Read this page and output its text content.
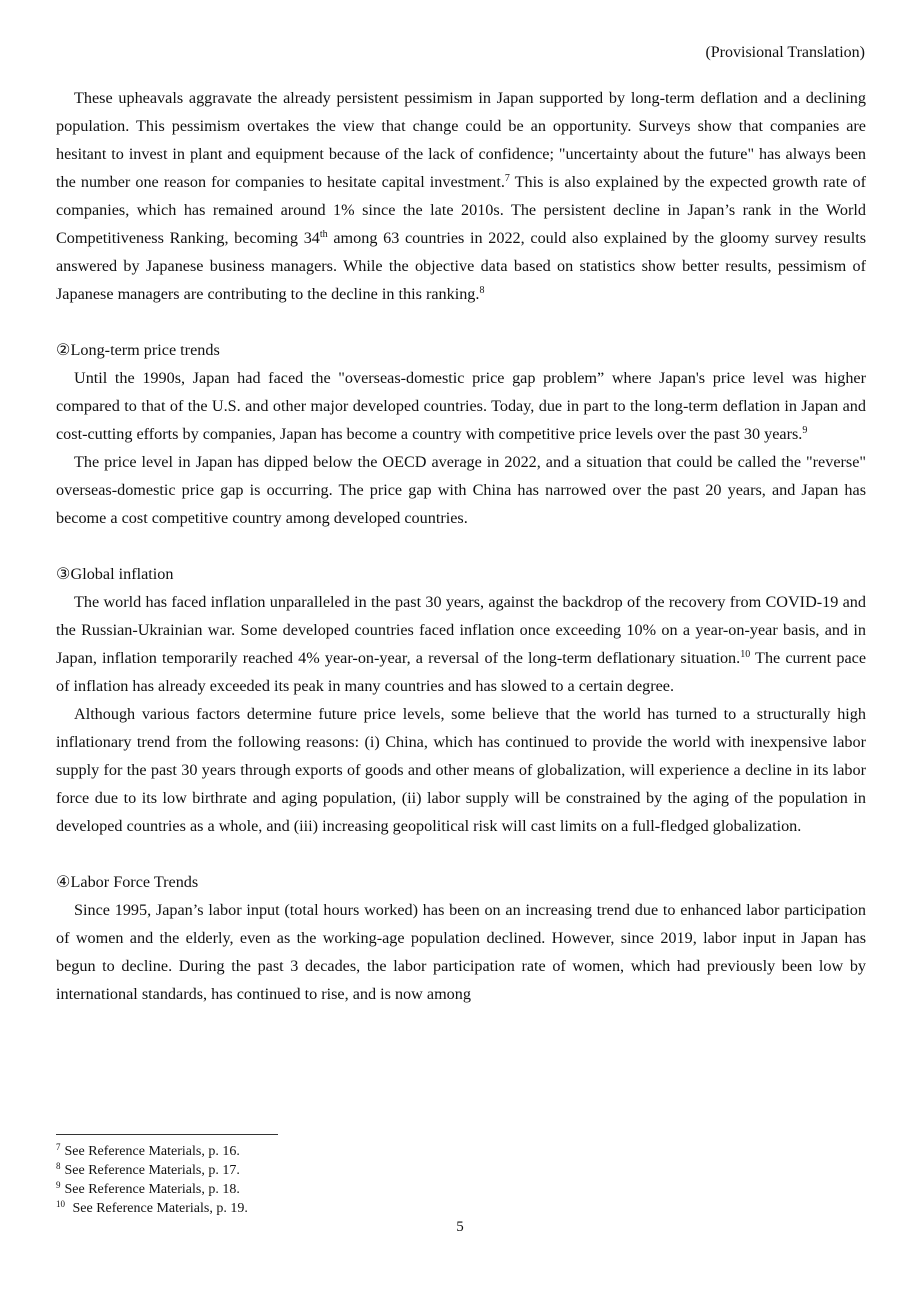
(Provisional Translation)

These upheavals aggravate the already persistent pessimism in Japan supported by long-term deflation and a declining population. This pessimism overtakes the view that change could be an opportunity. Surveys show that companies are hesitant to invest in plant and equipment because of the lack of confidence; "uncertainty about the future" has always been the number one reason for companies to hesitate capital investment.$^7$ This is also explained by the expected growth rate of companies, which has remained around 1% since the late 2010s. The persistent decline in Japan’s rank in the World Competitiveness Ranking, becoming 34th among 63 countries in 2022, could also explained by the gloomy survey results answered by Japanese business managers. While the objective data based on statistics show better results, pessimism of Japanese managers are contributing to the decline in this ranking.$^8$

②Long-term price trends

Until the 1990s, Japan had faced the "overseas-domestic price gap problem” where Japan's price level was higher compared to that of the U.S. and other major developed countries. Today, due in part to the long-term deflation in Japan and cost-cutting efforts by companies, Japan has become a country with competitive price levels over the past 30 years.$^9$

The price level in Japan has dipped below the OECD average in 2022, and a situation that could be called the "reverse" overseas-domestic price gap is occurring. The price gap with China has narrowed over the past 20 years, and Japan has become a cost competitive country among developed countries.

③Global inflation

The world has faced inflation unparalleled in the past 30 years, against the backdrop of the recovery from COVID-19 and the Russian-Ukrainian war. Some developed countries faced inflation once exceeding 10% on a year-on-year basis, and in Japan, inflation temporarily reached 4% year-on-year, a reversal of the long-term deflationary situation.$^{10}$ The current pace of inflation has already exceeded its peak in many countries and has slowed to a certain degree.

Although various factors determine future price levels, some believe that the world has turned to a structurally high inflationary trend from the following reasons: (i) China, which has continued to provide the world with inexpensive labor supply for the past 30 years through exports of goods and other means of globalization, will experience a decline in its labor force due to its low birthrate and aging population, (ii) labor supply will be constrained by the aging of the population in developed countries as a whole, and (iii) increasing geopolitical risk will cast limits on a full-fledged globalization.

④Labor Force Trends

Since 1995, Japan’s labor input (total hours worked) has been on an increasing trend due to enhanced labor participation of women and the elderly, even as the working-age population declined. However, since 2019, labor input in Japan has begun to decline. During the past 3 decades, the labor participation rate of women, which had previously been low by international standards, has continued to rise, and is now among

$^7$ See Reference Materials, p. 16.

$^8$ See Reference Materials, p. 17.

$^9$ See Reference Materials, p. 18.

$^{10}$ See Reference Materials, p. 19.

5
